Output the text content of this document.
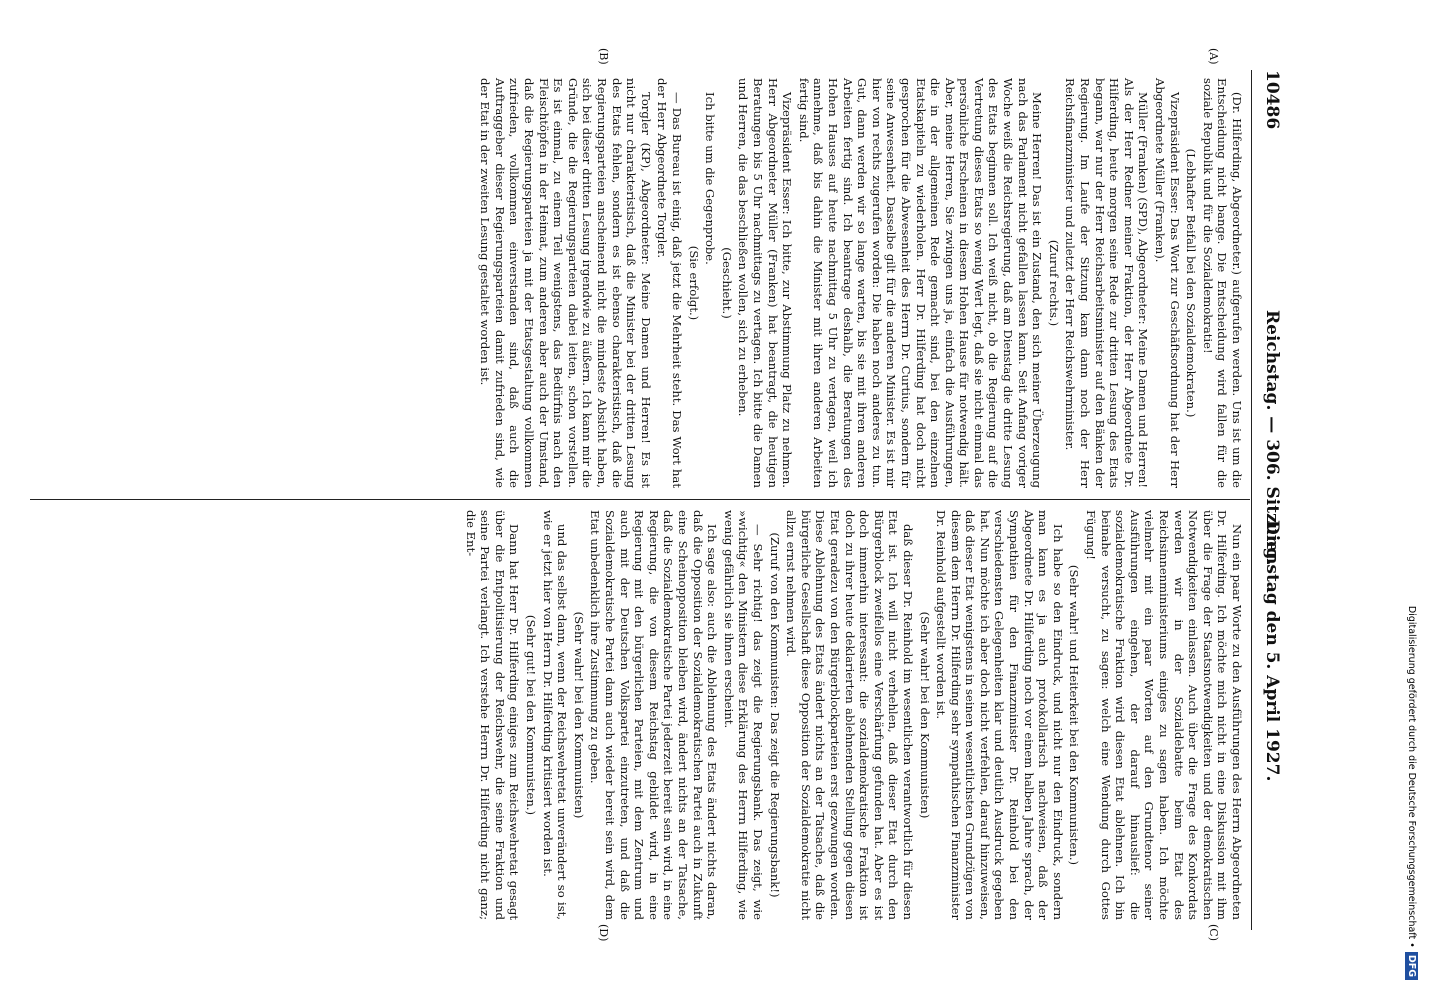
10486
Reichstag. — 306. Sitzung.
Dienstag den 5. April 1927.
(A)
(B)
(C)
(D)

(Dr. Hilferding, Abgeordneter.) aufgerufen werden. Uns ist um die Entscheidung nicht bange. Die Entscheidung wird fallen für die soziale Republik und für die Sozialdemokratie!

(Lebhafter Beifall bei den Sozialdemokraten.)

Vizepräsident Esser: Das Wort zur Geschäftsordnung hat der Herr Abgeordnete Müller (Franken).

Müller (Franken) (SPD), Abgeordneter: Meine Damen und Herren! Als der Herr Redner meiner Fraktion, der Herr Abgeordnete Dr. Hilferding, heute morgen seine Rede zur dritten Lesung des Etats begann, war nur der Herr Reichsarbeitsminister auf den Bänken der Regierung. Im Laufe der Sitzung kam dann noch der Herr Reichsfinanzminister und zuletzt der Herr Reichswehrminister.

(Zuruf rechts.)

Meine Herren! Das ist ein Zustand, den sich meiner Überzeugung nach das Parlament nicht gefallen lassen kann. Seit Anfang voriger Woche weiß die Reichsregierung, daß am Dienstag die dritte Lesung des Etats beginnen soll. Ich weiß nicht, ob die Regierung auf die Vertretung dieses Etats so wenig Wert legt, daß sie nicht einmal das persönliche Erscheinen in diesem Hohen Hause für notwendig hält. Aber, meine Herren, Sie zwingen uns ja, einfach die Ausführungen, die in der allgemeinen Rede gemacht sind, bei den einzelnen Etatskapiteln zu wiederholen. Herr Dr. Hilferding hat doch nicht gesprochen für die Abwesenheit des Herrn Dr. Curtius, sondern für seine Anwesenheit. Dasselbe gilt für die anderen Minister. Es ist mir hier von rechts zugerufen worden: Die haben noch anderes zu tun. Gut, dann werden wir so lange warten, bis sie mit ihren anderen Arbeiten fertig sind. Ich beantrage deshalb, die Beratungen des Hohen Hauses auf heute nachmittag 5 Uhr zu vertagen, weil ich annehme, daß bis dahin die Minister mit ihren anderen Arbeiten fertig sind.

Vizepräsident Esser: Ich bitte, zur Abstimmung Platz zu nehmen. Herr Abgeordneter Müller (Franken) hat beantragt, die heutigen Beratungen bis 5 Uhr nachmittags zu vertagen. Ich bitte die Damen und Herren, die das beschließen wollen, sich zu erheben.

(Geschieht.)

Ich bitte um die Gegenprobe.

(Sie erfolgt.)

— Das Bureau ist einig, daß jetzt die Mehrheit steht. Das Wort hat der Herr Abgeordnete Torgler.

Torgler (KP), Abgeordneter: Meine Damen und Herren! Es ist nicht nur charakteristisch, daß die Minister bei der dritten Lesung des Etats fehlen, sondern es ist ebenso charakteristisch, daß die Regierungsparteien anscheinend nicht die mindeste Absicht haben, sich bei dieser dritten Lesung irgendwie zu äußern. Ich kann mir die Gründe, die die Regierungsparteien dabei leiten, schon vorstellen. Es ist einmal, zu einem Teil wenigstens, das Bedürfnis nach den Fleischtöpfen in der Heimat, zum anderen aber auch der Umstand, daß die Regierungsparteien ja mit der Etatsgestaltung vollkommen zufrieden, vollkommen einverstanden sind, daß auch die Auftraggeber dieser Regierungsparteien damit zufrieden sind, wie der Etat in der zweiten Lesung gestaltet worden ist.

Nun ein paar Worte zu den Ausführungen des Herrn Abgeordneten Dr. Hilferding. Ich möchte mich nicht in eine Diskussion mit ihm über die Frage der Staatsnotwendigkeiten und der demokratischen Notwendigkeiten einlassen. Auch über die Frage des Konkordats werden wir in der Sozialdebatte beim Etat des Reichsinnenministeriums einiges zu sagen haben. Ich möchte vielmehr mit ein paar Worten auf den Grundtenor seiner Ausführungen eingehen, der darauf hinauslief: die sozialdemokratische Fraktion wird diesen Etat ablehnen. Ich bin beinahe versucht, zu sagen: welch eine Wendung durch Gottes Fügung!

(Sehr wahr! und Heiterkeit bei den Kommunisten.)

Ich habe so den Eindruck, und nicht nur den Eindruck, sondern man kann es ja auch protokollarisch nachweisen, daß der Abgeordnete Dr. Hilferding noch vor einem halben Jahre sprach, der Sympathien für den Finanzminister Dr. Reinhold bei den verschiedensten Gelegenheiten klar und deutlich Ausdruck gegeben hat. Nun möchte ich aber doch nicht verfehlen, darauf hinzuweisen, daß dieser Etat wenigstens in seinen wesentlichsten Grundzügen von diesem dem Herrn Dr. Hilferding sehr sympathischen Finanzminister Dr. Reinhold aufgestellt worden ist.

(Sehr wahr! bei den Kommunisten)

daß dieser Dr. Reinhold im wesentlichen verantwortlich für diesen Etat ist. Ich will nicht verhehlen, daß dieser Etat durch den Bürgerblock zweifellos eine Verschärfung gefunden hat. Aber es ist doch immerhin interessant: die sozialdemokratische Fraktion ist doch zu ihrer heute deklarierten ablehnenden Stellung gegen diesen Etat geradezu von den Bürgerblockparteien erst gezwungen worden. Diese Ablehnung des Etats ändert nichts an der Tatsache, daß die bürgerliche Gesellschaft diese Opposition der Sozialdemokratie nicht allzu ernst nehmen wird.

(Zuruf von den Kommunisten: Das zeigt die Regierungsbank!)

— Sehr richtig! das zeigt die Regierungsbank. Das zeigt, wie »wichtig« den Ministern diese Erklärung des Herrn Hilferding, wie wenig gefährlich sie ihnen erscheint.

Ich sage also: auch die Ablehnung des Etats ändert nichts daran, daß die Opposition der Sozialdemokratischen Partei auch in Zukunft eine Scheinopposition bleiben wird, ändert nichts an der Tatsache, daß die Sozialdemokratische Partei jederzeit bereit sein wird, in eine Regierung, die von diesem Reichstag gebildet wird, in eine Regierung mit den bürgerlichen Parteien, mit dem Zentrum und auch mit der Deutschen Volkspartei einzutreten, und daß die Sozialdemokratische Partei dann auch wieder bereit sein wird, dem Etat unbedenklich ihre Zustimmung zu geben.

(Sehr wahr! bei den Kommunisten)

und das selbst dann, wenn der Reichswehretat unverändert so ist, wie er jetzt hier von Herrn Dr. Hilferding kritisiert worden ist.

(Sehr gut! bei den Kommunisten.)

Dann hat Herr Dr. Hilferding einiges zum Reichswehretat gesagt über die Entpolitisierung der Reichswehr, die seine Fraktion und seine Partei verlangt. Ich verstehe Herrn Dr. Hilferding nicht ganz; die Ent-

Digitalisierung gefördert durch die Deutsche Forschungsgemeinschaft •DFG
